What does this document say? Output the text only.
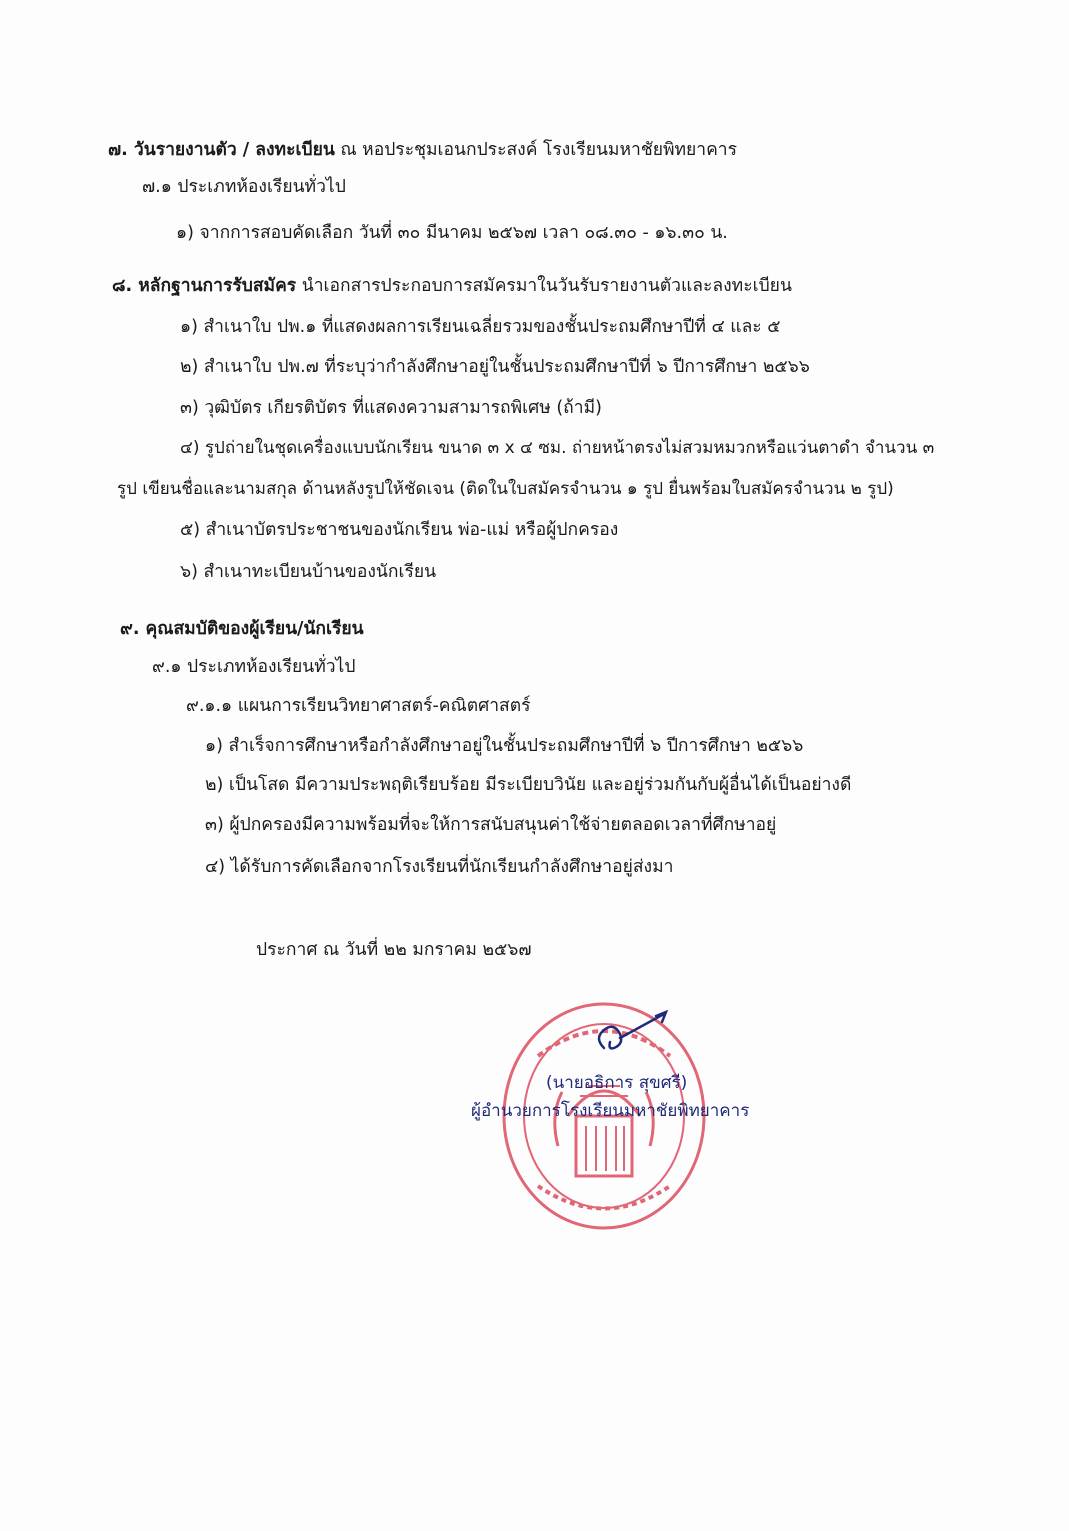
๗. วันรายงานตัว / ลงทะเบียน ณ หอประชุมเอนกประสงค์ โรงเรียนมหาชัยพิทยาคาร
๗.๑ ประเภทห้องเรียนทั่วไป
๑) จากการสอบคัดเลือก วันที่ ๓๐ มีนาคม ๒๕๖๗ เวลา ๐๘.๓๐ - ๑๖.๓๐ น.
๘. หลักฐานการรับสมัคร นำเอกสารประกอบการสมัครมาในวันรับรายงานตัวและลงทะเบียน
๑) สำเนาใบ ปพ.๑ ที่แสดงผลการเรียนเฉลี่ยรวมของชั้นประถมศึกษาปีที่ ๔ และ ๕
๒) สำเนาใบ ปพ.๗ ที่ระบุว่ากำลังศึกษาอยู่ในชั้นประถมศึกษาปีที่ ๖ ปีการศึกษา ๒๕๖๖
๓) วุฒิบัตร เกียรติบัตร ที่แสดงความสามารถพิเศษ (ถ้ามี)
๔) รูปถ่ายในชุดเครื่องแบบนักเรียน ขนาด ๓ x ๔ ซม. ถ่ายหน้าตรงไม่สวมหมวกหรือแว่นตาดำ จำนวน ๓
รูป เขียนชื่อและนามสกุล ด้านหลังรูปให้ชัดเจน (ติดในใบสมัครจำนวน ๑ รูป ยื่นพร้อมใบสมัครจำนวน ๒ รูป)
๕) สำเนาบัตรประชาชนของนักเรียน พ่อ-แม่ หรือผู้ปกครอง
๖) สำเนาทะเบียนบ้านของนักเรียน
๙. คุณสมบัติของผู้เรียน/นักเรียน
๙.๑ ประเภทห้องเรียนทั่วไป
๙.๑.๑ แผนการเรียนวิทยาศาสตร์-คณิตศาสตร์
๑) สำเร็จการศึกษาหรือกำลังศึกษาอยู่ในชั้นประถมศึกษาปีที่ ๖ ปีการศึกษา ๒๕๖๖
๒) เป็นโสด มีความประพฤติเรียบร้อย มีระเบียบวินัย และอยู่ร่วมกันกับผู้อื่นได้เป็นอย่างดี
๓) ผู้ปกครองมีความพร้อมที่จะให้การสนับสนุนค่าใช้จ่ายตลอดเวลาที่ศึกษาอยู่
๔) ได้รับการคัดเลือกจากโรงเรียนที่นักเรียนกำลังศึกษาอยู่ส่งมา
ประกาศ ณ วันที่ ๒๒ มกราคม ๒๕๖๗
(นายอธิการ สุขศรี)
ผู้อำนวยการโรงเรียนมหาชัยพิทยาคาร
